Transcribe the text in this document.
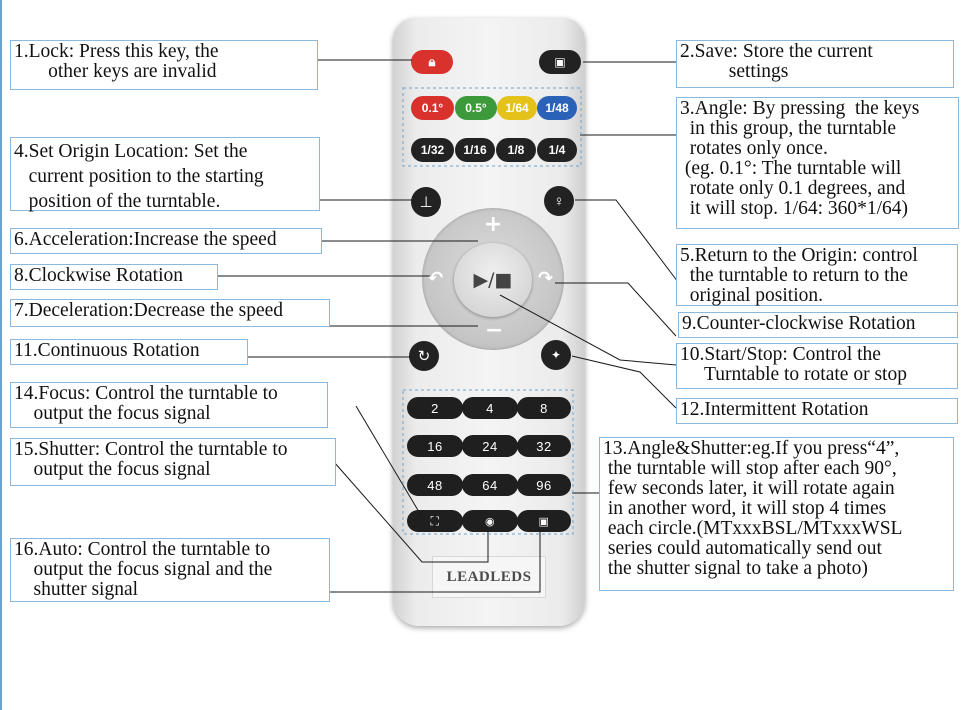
🔒︎	▣
0.1°	0.5°	1/64	1/48
1/32	1/16	1/8	1/4
⊥	♀
+
−
↶	↷
▶/■
↻	✦
2	4	8
16	24	32
48	64	96
⛶	◉	▣
LEADLEDS
1.Lock: Press this key, the
other keys are invalid
2.Save: Store the current
settings
3.Angle: By pressing  the keys
in this group, the turntable
rotates only once.
(eg. 0.1°: The turntable will
rotate only 0.1 degrees, and
it will stop. 1/64: 360*1/64)
4.Set Origin Location: Set the
current position to the starting
position of the turntable.
5.Return to the Origin: control
the turntable to return to the
original position.
6.Acceleration:Increase the speed
8.Clockwise Rotation
7.Deceleration:Decrease the speed
9.Counter-clockwise Rotation
11.Continuous Rotation	10.Start/Stop: Control the
Turntable to rotate or stop
14.Focus: Control the turntable to
output the focus signal	12.Intermittent Rotation
15.Shutter: Control the turntable to
output the focus signal
13.Angle&Shutter:eg.If you press“4”,
the turntable will stop after each 90°,
few seconds later, it will rotate again
in another word, it will stop 4 times
each circle.(MTxxxBSL/MTxxxWSL
series could automatically send out
the shutter signal to take a photo)
16.Auto: Control the turntable to
output the focus signal and the
shutter signal
